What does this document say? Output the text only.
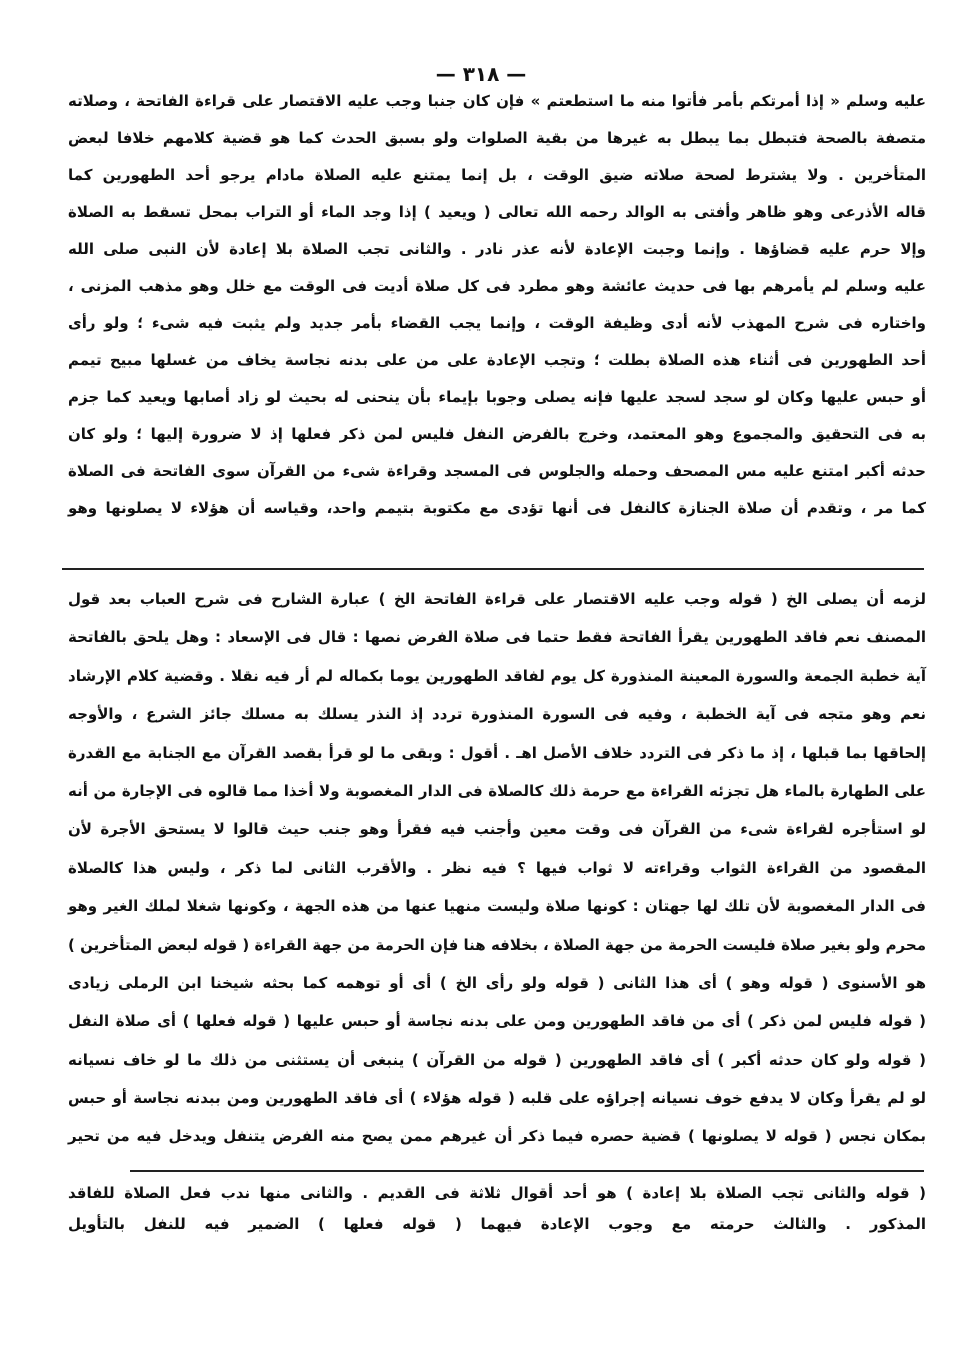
— ٣١٨ —
عليه وسلم « إذا أمرتكم بأمر فأتوا منه ما استطعتم » فإن كان جنبا وجب عليه الاقتصار على قراءة الفاتحة ، وصلاته
متصفة بالصحة فتبطل بما يبطل به غيرها من بقية الصلوات ولو بسبق الحدث كما هو قضية كلامهم خلافا لبعض
المتأخرين . ولا يشترط لصحة صلاته ضيق الوقت ، بل إنما يمتنع عليه الصلاة مادام يرجو أحد الطهورين كما
قاله الأذرعى وهو ظاهر وأفتى به الوالد رحمه الله تعالى ( ويعيد ) إذا وجد الماء أو التراب بمحل تسقط به الصلاة
وإلا حرم عليه قضاؤها . وإنما وجبت الإعادة لأنه عذر نادر . والثانى تجب الصلاة بلا إعادة لأن النبى صلى الله
عليه وسلم لم يأمرهم بها فى حديث عائشة وهو مطرد فى كل صلاة أديت فى الوقت مع خلل وهو مذهب المزنى ،
واختاره فى شرح المهذب لأنه أدى وظيفة الوقت ، وإنما يجب القضاء بأمر جديد ولم يثبت فيه شىء ؛ ولو رأى
أحد الطهورين فى أثناء هذه الصلاة بطلت ؛ وتجب الإعادة على من على بدنه نجاسة يخاف من غسلها مبيح تيمم
أو حبس عليها وكان لو سجد لسجد عليها فإنه يصلى وجوبا بإيماء بأن ينحنى له بحيث لو زاد أصابها ويعيد كما جزم
به فى التحقيق والمجموع وهو المعتمد، وخرج بالفرض النفل فليس لمن ذكر فعلها إذ لا ضرورة إليها ؛ ولو كان
حدثه أكبر امتنع عليه مس المصحف وحمله والجلوس فى المسجد وقراءة شىء من القرآن سوى الفاتحة فى الصلاة
كما مر ، وتقدم أن صلاة الجنازة كالنفل فى أنها تؤدى مع مكتوبة بتيمم واحد، وقياسه أن هؤلاء لا يصلونها وهو
لزمه أن يصلى الخ ( قوله وجب عليه الاقتصار على قراءة الفاتحة الخ ) عبارة الشارح فى شرح العباب بعد قول
المصنف نعم فاقد الطهورين يقرأ الفاتحة فقط حتما فى صلاة الفرض نصها : قال فى الإسعاد : وهل يلحق بالفاتحة
آية خطبة الجمعة والسورة المعينة المنذورة كل يوم لفاقد الطهورين يوما بكماله لم أر فيه نقلا . وقضية كلام الإرشاد
نعم وهو متجه فى آية الخطبة ، وفيه فى السورة المنذورة تردد إذ النذر يسلك به مسلك جائز الشرع ، والأوجه
إلحاقها بما قبلها ، إذ ما ذكر فى التردد خلاف الأصل اهـ . أقول : وبقى ما لو قرأ بقصد القرآن مع الجنابة مع القدرة
على الطهارة بالماء هل تجزئه القراءة مع حرمة ذلك كالصلاة فى الدار المغصوبة ولا أخذا مما قالوه فى الإجارة من أنه
لو استأجره لقراءة شىء من القرآن فى وقت معين وأجنب فيه فقرأ وهو جنب حيث قالوا لا يستحق الأجرة لأن
المقصود من القراءة الثواب وقراءته لا ثواب فيها ؟ فيه نظر . والأقرب الثانى لما ذكر ، وليس هذا كالصلاة
فى الدار المغصوبة لأن تلك لها جهتان : كونها صلاة وليست منهيا عنها من هذه الجهة ، وكونها شغلا لملك الغير وهو
محرم ولو بغير صلاة فليست الحرمة من جهة الصلاة ، بخلافه هنا فإن الحرمة من جهة القراءة ( قوله لبعض المتأخرين )
هو الأسنوى ( قوله وهو ) أى هذا الثانى ( قوله ولو رأى الخ ) أى أو توهمه كما بحثه شيخنا ابن الرملى زيادى
( قوله فليس لمن ذكر ) أى من فاقد الطهورين ومن على بدنه نجاسة أو حبس عليها ( قوله فعلها ) أى صلاة النفل
( قوله ولو كان حدثه أكبر ) أى فاقد الطهورين ( قوله من القرآن ) ينبغى أن يستثنى من ذلك ما لو خاف نسيانه
لو لم يقرأ وكان لا يدفع خوف نسيانه إجراؤه على قلبه ( قوله هؤلاء ) أى فاقد الطهورين ومن ببدنه نجاسة أو حبس
بمكان نجس ( قوله لا يصلونها ) قضية حصره فيما ذكر أن غيرهم ممن يصح منه الفرض يتنفل ويدخل فيه من تحير
( قوله والثانى تجب الصلاة بلا إعادة ) هو أحد أقوال ثلاثة فى القديم . والثانى منها ندب فعل الصلاة للفاقد
المذكور . والثالث حرمته مع وجوب الإعادة فيهما ( قوله فعلها ) الضمير فيه للنفل بالتأويل
